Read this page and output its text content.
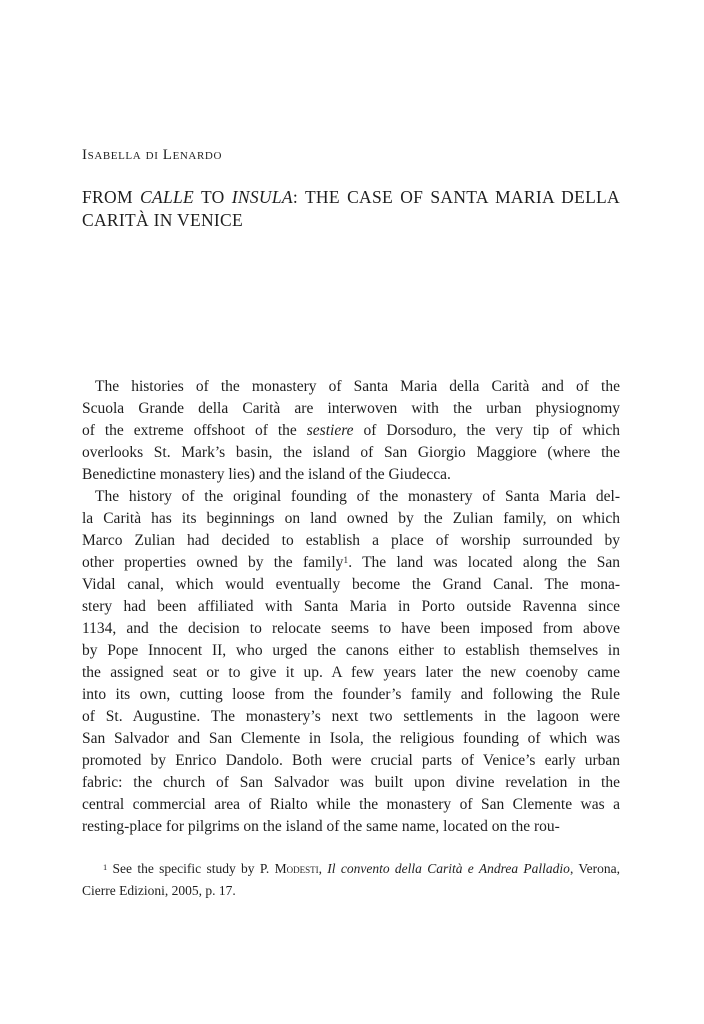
Isabella di Lenardo
FROM CALLE TO INSULA: THE CASE OF SANTA MARIA DELLA
CARITÀ IN VENICE
The histories of the monastery of Santa Maria della Carità and of the
Scuola Grande della Carità are interwoven with the urban physiognomy
of the extreme offshoot of the sestiere of Dorsoduro, the very tip of which
overlooks St. Mark’s basin, the island of San Giorgio Maggiore (where the
Benedictine monastery lies) and the island of the Giudecca.
The history of the original founding of the monastery of Santa Maria del-
la Carità has its beginnings on land owned by the Zulian family, on which
Marco Zulian had decided to establish a place of worship surrounded by
other properties owned by the family$^1$. The land was located along the San
Vidal canal, which would eventually become the Grand Canal. The mona-
stery had been affiliated with Santa Maria in Porto outside Ravenna since
1134, and the decision to relocate seems to have been imposed from above
by Pope Innocent II, who urged the canons either to establish themselves in
the assigned seat or to give it up. A few years later the new coenoby came
into its own, cutting loose from the founder’s family and following the Rule
of St. Augustine. The monastery’s next two settlements in the lagoon were
San Salvador and San Clemente in Isola, the religious founding of which was
promoted by Enrico Dandolo. Both were crucial parts of Venice’s early urban
fabric: the church of San Salvador was built upon divine revelation in the
central commercial area of Rialto while the monastery of San Clemente was a
resting-place for pilgrims on the island of the same name, located on the rou-
$^1$ See the specific study by P. Modesti, Il convento della Carità e Andrea Palladio, Verona,
Cierre Edizioni, 2005, p. 17.
